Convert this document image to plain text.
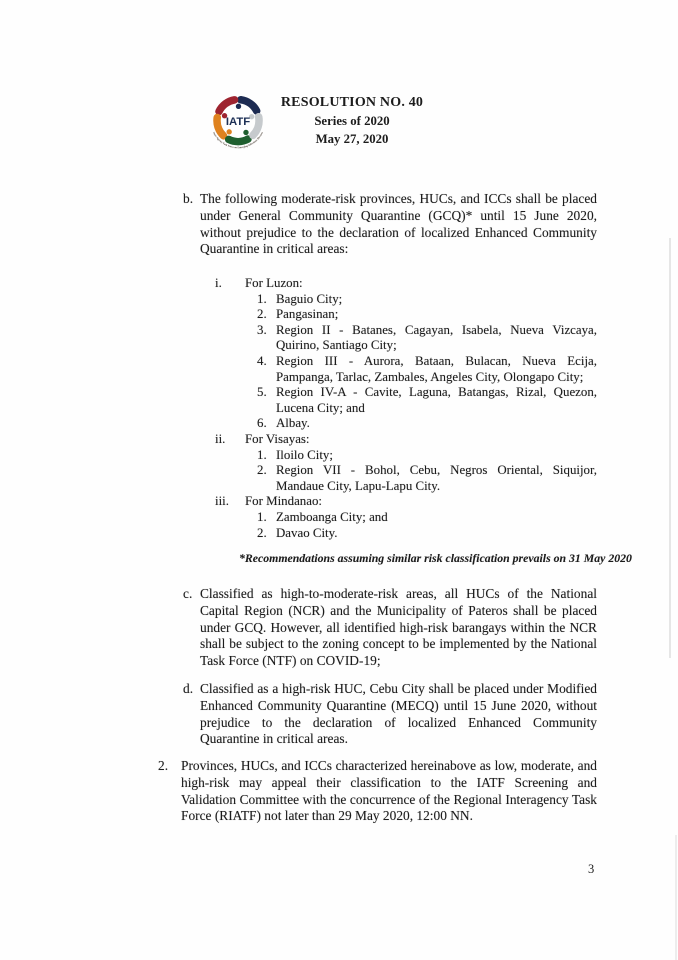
IATF
Inter-Agency Task Force on Emerging Infectious Diseases
RESOLUTION NO. 40
Series of 2020
May 27, 2020
b. The following moderate-risk provinces, HUCs, and ICCs shall be placed under General Community Quarantine (GCQ)* until 15 June 2020, without prejudice to the declaration of localized Enhanced Community Quarantine in critical areas:
i.	For Luzon:
1. Baguio City;
2. Pangasinan;
3. Region II - Batanes, Cagayan, Isabela, Nueva Vizcaya, Quirino, Santiago City;
4. Region III - Aurora, Bataan, Bulacan, Nueva Ecija, Pampanga, Tarlac, Zambales, Angeles City, Olongapo City;
5. Region IV-A - Cavite, Laguna, Batangas, Rizal, Quezon, Lucena City; and
6. Albay.
ii.	For Visayas:
1. Iloilo City;
2. Region VII - Bohol, Cebu, Negros Oriental, Siquijor, Mandaue City, Lapu-Lapu City.
iii.	For Mindanao:
1. Zamboanga City; and
2. Davao City.
*Recommendations assuming similar risk classification prevails on 31 May 2020
c. Classified as high-to-moderate-risk areas, all HUCs of the National Capital Region (NCR) and the Municipality of Pateros shall be placed under GCQ. However, all identified high-risk barangays within the NCR shall be subject to the zoning concept to be implemented by the National Task Force (NTF) on COVID-19;
d. Classified as a high-risk HUC, Cebu City shall be placed under Modified Enhanced Community Quarantine (MECQ) until 15 June 2020, without prejudice to the declaration of localized Enhanced Community Quarantine in critical areas.
2. Provinces, HUCs, and ICCs characterized hereinabove as low, moderate, and high-risk may appeal their classification to the IATF Screening and Validation Committee with the concurrence of the Regional Interagency Task Force (RIATF) not later than 29 May 2020, 12:00 NN.
3
